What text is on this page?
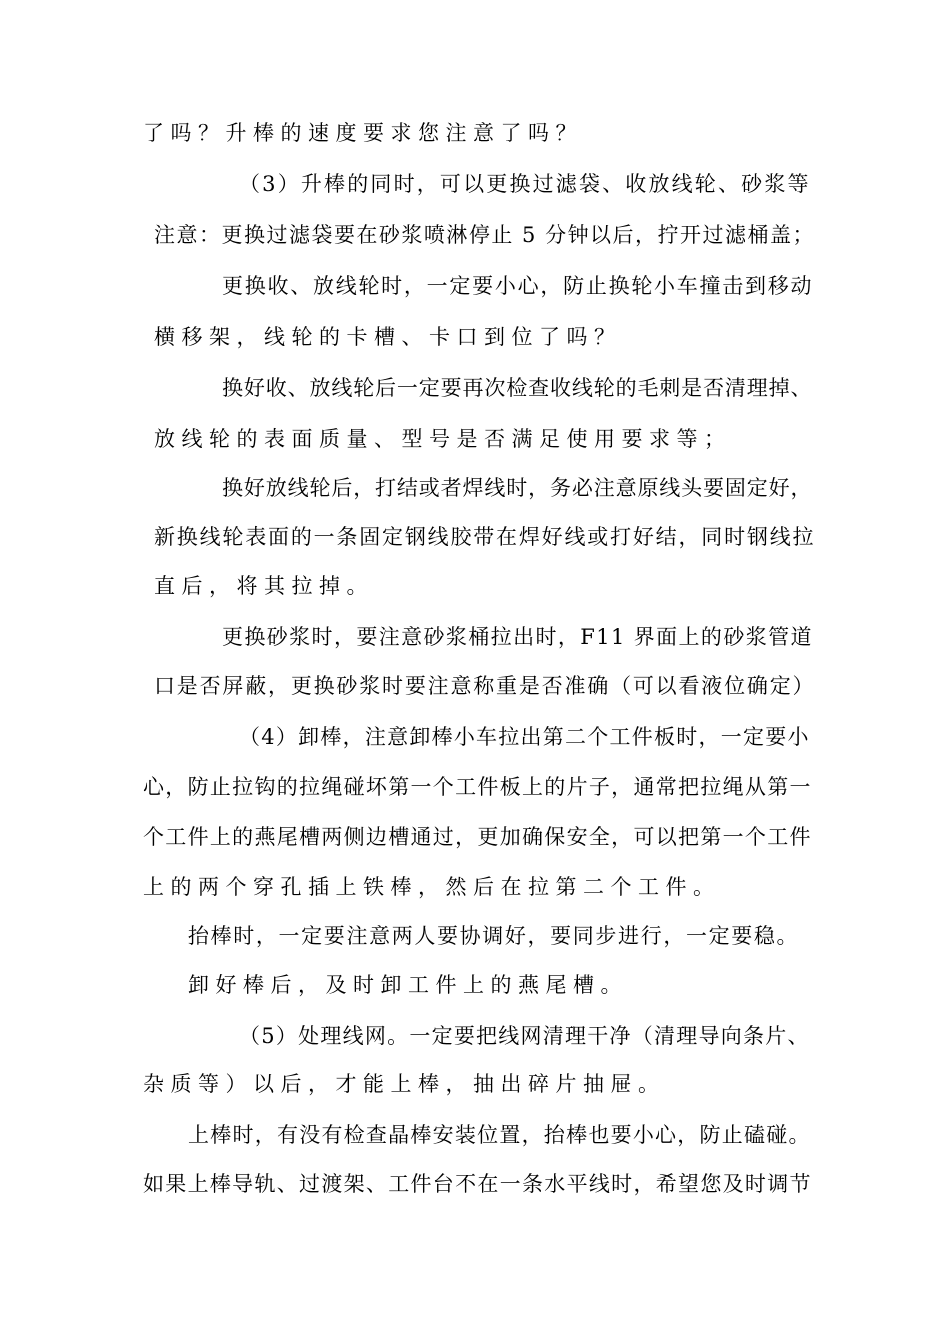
了吗？升棒的速度要求您注意了吗？
（3）升棒的同时，可以更换过滤袋、收放线轮、砂浆等
注意：更换过滤袋要在砂浆喷淋停止 5 分钟以后，拧开过滤桶盖；
更换收、放线轮时，一定要小心，防止换轮小车撞击到移动
横移架，线轮的卡槽、卡口到位了吗？
换好收、放线轮后一定要再次检查收线轮的毛刺是否清理掉、
放线轮的表面质量、型号是否满足使用要求等；
换好放线轮后，打结或者焊线时，务必注意原线头要固定好，
新换线轮表面的一条固定钢线胶带在焊好线或打好结，同时钢线拉
直后，将其拉掉。
更换砂浆时，要注意砂浆桶拉出时，F11 界面上的砂浆管道
口是否屏蔽，更换砂浆时要注意称重是否准确（可以看液位确定）
（4）卸棒，注意卸棒小车拉出第二个工件板时，一定要小
心，防止拉钩的拉绳碰坏第一个工件板上的片子，通常把拉绳从第一
个工件上的燕尾槽两侧边槽通过，更加确保安全，可以把第一个工件
上的两个穿孔插上铁棒，然后在拉第二个工件。
抬棒时，一定要注意两人要协调好，要同步进行，一定要稳。
卸好棒后，及时卸工件上的燕尾槽。
（5）处理线网。一定要把线网清理干净（清理导向条片、
杂质等）以后，才能上棒，抽出碎片抽屉。
上棒时，有没有检查晶棒安装位置，抬棒也要小心，防止磕碰。
如果上棒导轨、过渡架、工件台不在一条水平线时，希望您及时调节
